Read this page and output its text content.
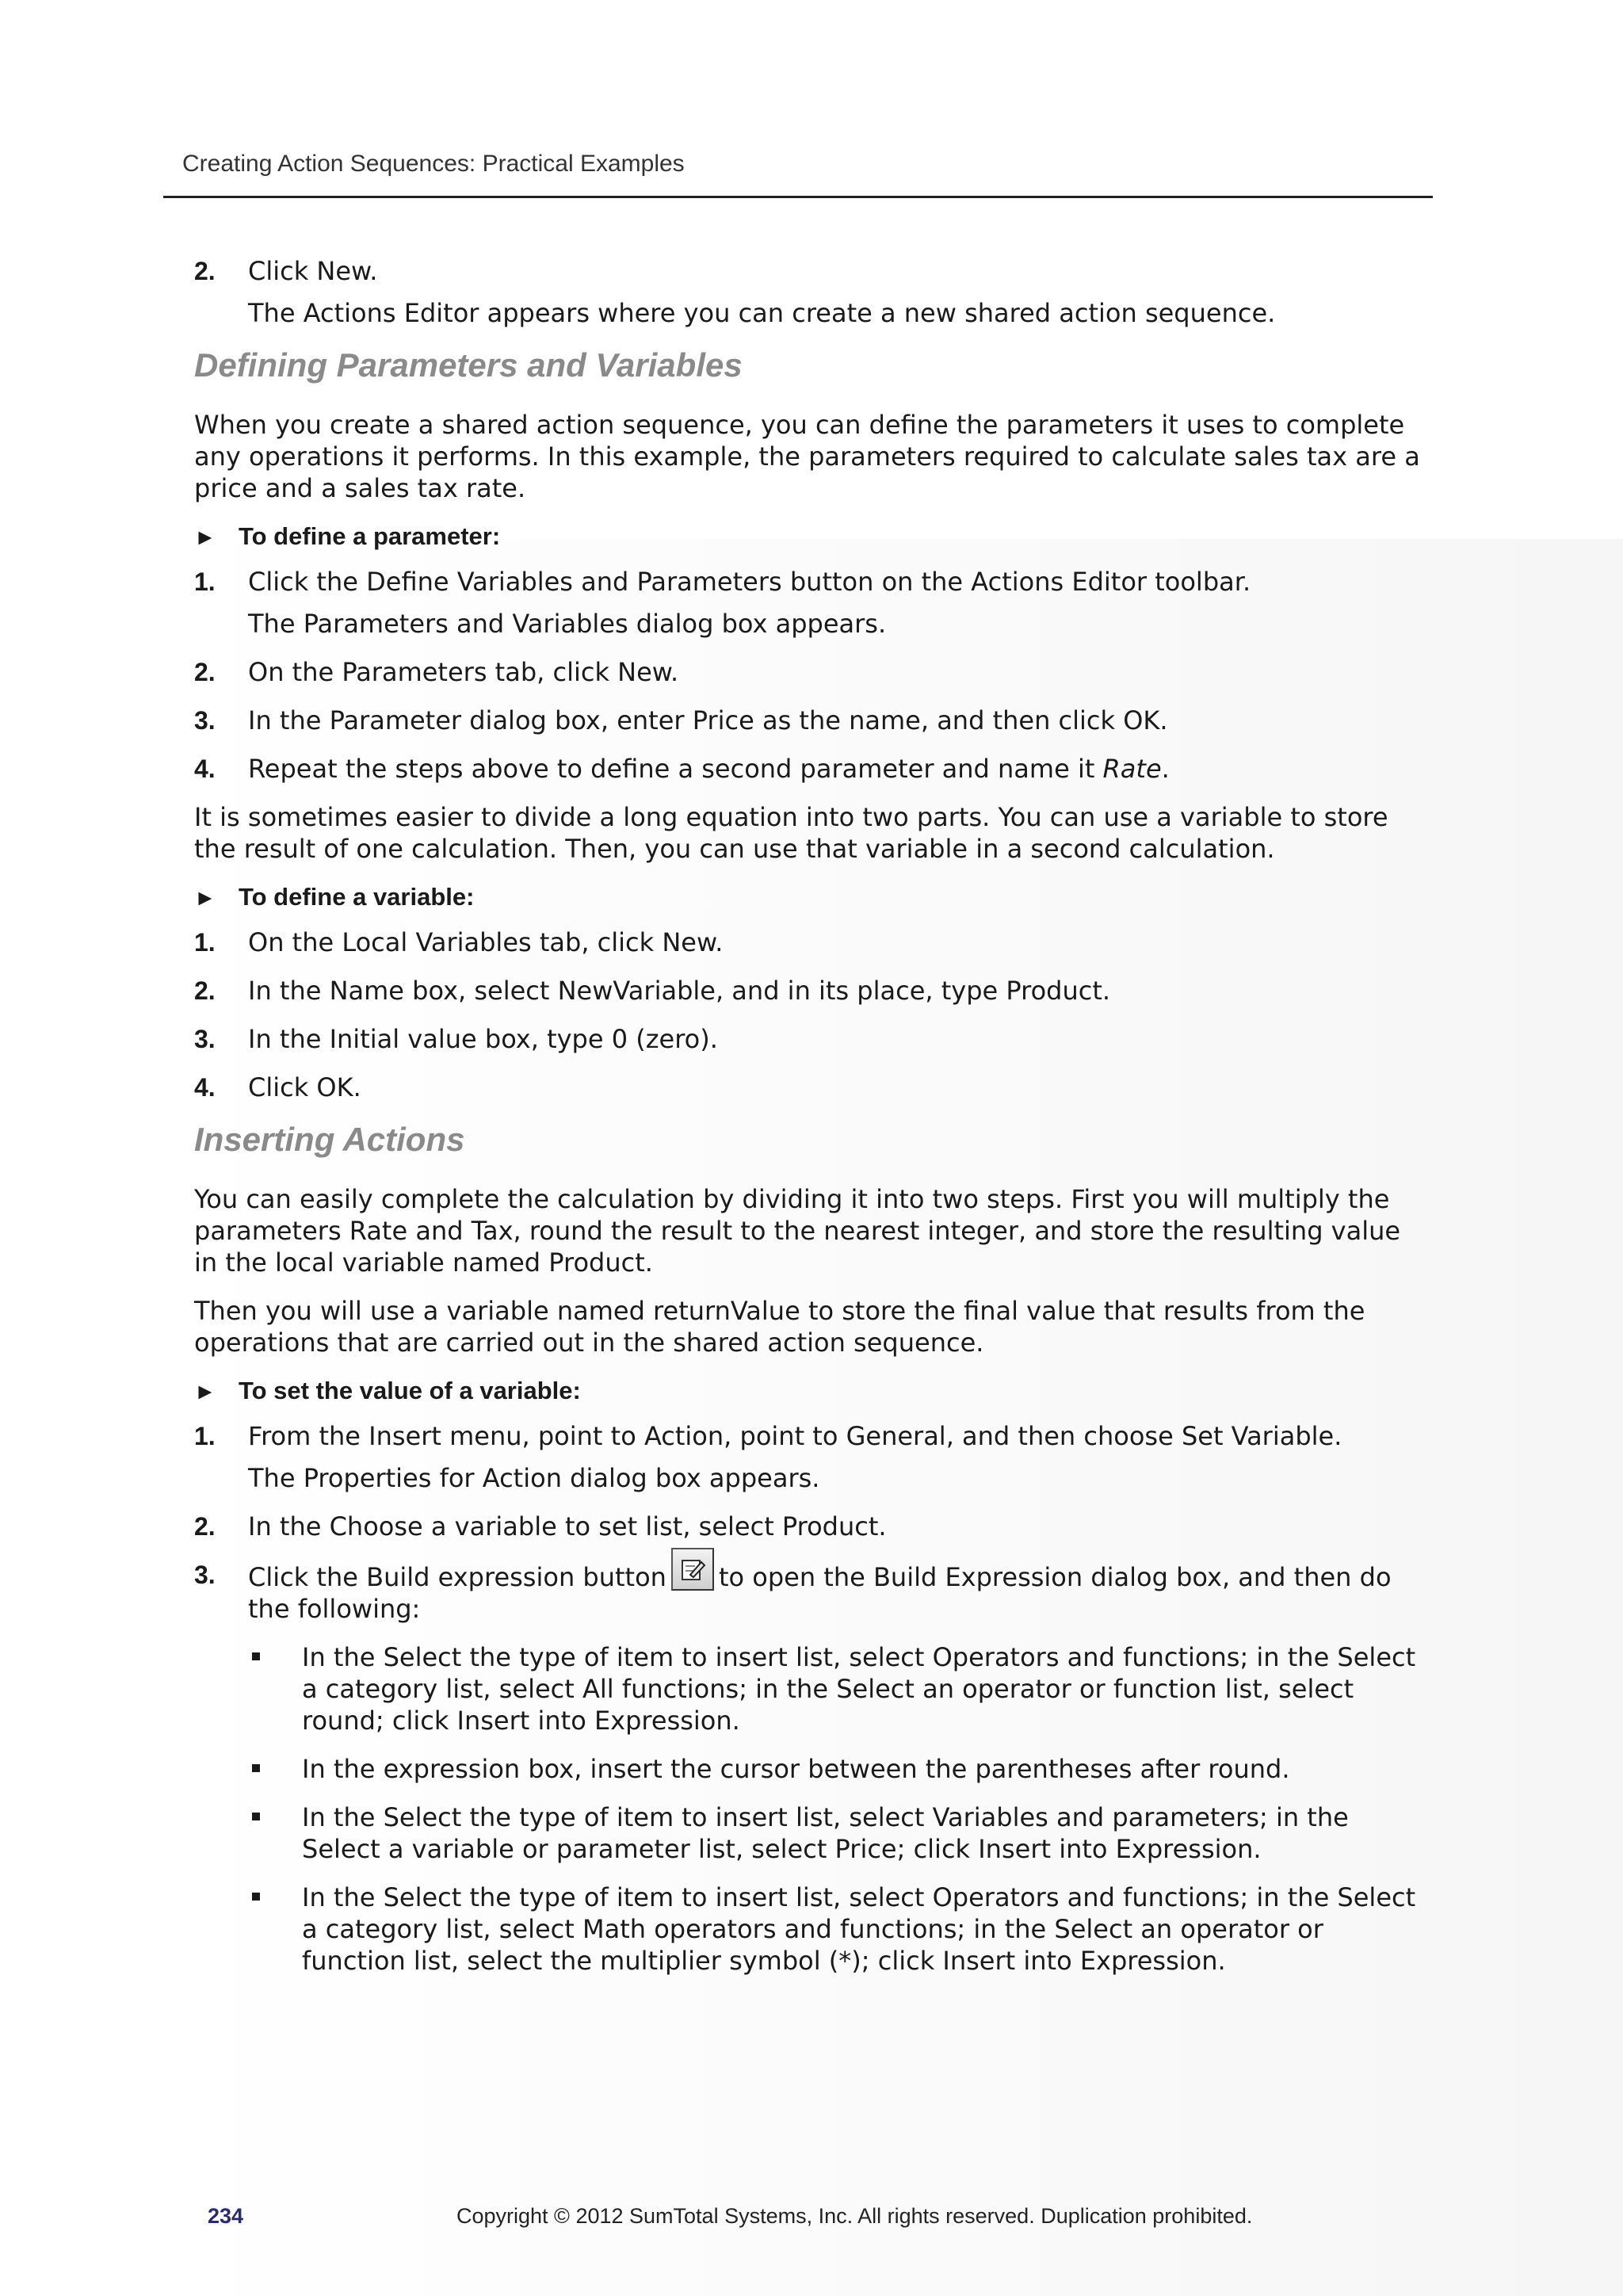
Creating Action Sequences: Practical Examples
2.	Click New.
The Actions Editor appears where you can create a new shared action sequence.
Defining Parameters and Variables

When you create a shared action sequence, you can define the parameters it uses to complete any operations it performs. In this example, the parameters required to calculate sales tax are a price and a sales tax rate.

► To define a parameter:
1.	Click the Define Variables and Parameters button on the Actions Editor toolbar.
The Parameters and Variables dialog box appears.
2.	On the Parameters tab, click New.
3.	In the Parameter dialog box, enter Price as the name, and then click OK.
4.	Repeat the steps above to define a second parameter and name it Rate.

It is sometimes easier to divide a long equation into two parts. You can use a variable to store the result of one calculation. Then, you can use that variable in a second calculation.

► To define a variable:
1.	On the Local Variables tab, click New.
2.	In the Name box, select NewVariable, and in its place, type Product.
3.	In the Initial value box, type 0 (zero).
4.	Click OK.
Inserting Actions

You can easily complete the calculation by dividing it into two steps. First you will multiply the parameters Rate and Tax, round the result to the nearest integer, and store the resulting value in the local variable named Product.

Then you will use a variable named returnValue to store the final value that results from the operations that are carried out in the shared action sequence.

► To set the value of a variable:
1.	From the Insert menu, point to Action, point to General, and then choose Set Variable.
The Properties for Action dialog box appears.
2.	In the Choose a variable to set list, select Product.
3.	Click the Build expression button to open the Build Expression dialog box, and then do the following:
In the Select the type of item to insert list, select Operators and functions; in the Select a category list, select All functions; in the Select an operator or function list, select round; click Insert into Expression.
In the expression box, insert the cursor between the parentheses after round.
In the Select the type of item to insert list, select Variables and parameters; in the Select a variable or parameter list, select Price; click Insert into Expression.
In the Select the type of item to insert list, select Operators and functions; in the Select a category list, select Math operators and functions; in the Select an operator or function list, select the multiplier symbol (*); click Insert into Expression.
234	Copyright © 2012 SumTotal Systems, Inc. All rights reserved. Duplication prohibited.
